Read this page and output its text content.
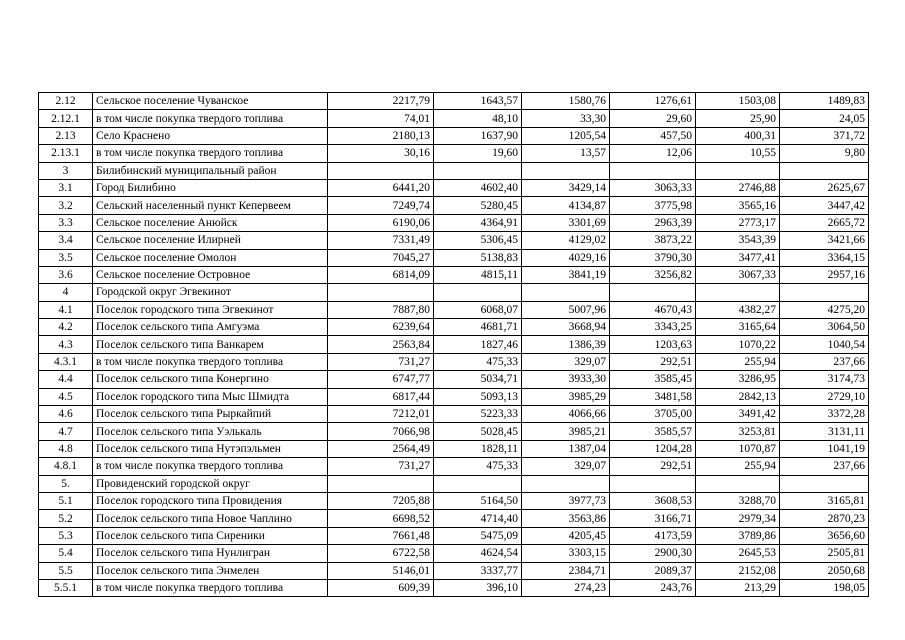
2.12	Сельское поселение Чуванское	2217,79	1643,57	1580,76	1276,61	1503,08	1489,83
2.12.1	в том числе покупка твердого топлива	74,01	48,10	33,30	29,60	25,90	24,05
2.13	Село Краснено	2180,13	1637,90	1205,54	457,50	400,31	371,72
2.13.1	в том числе покупка твердого топлива	30,16	19,60	13,57	12,06	10,55	9,80
3	Билибинский муниципальный район						
3.1	Город Билибино	6441,20	4602,40	3429,14	3063,33	2746,88	2625,67
3.2	Сельский населенный пункт Кепервеем	7249,74	5280,45	4134,87	3775,98	3565,16	3447,42
3.3	Сельское поселение Анюйск	6190,06	4364,91	3301,69	2963,39	2773,17	2665,72
3.4	Сельское поселение Илирней	7331,49	5306,45	4129,02	3873,22	3543,39	3421,66
3.5	Сельское поселение Омолон	7045,27	5138,83	4029,16	3790,30	3477,41	3364,15
3.6	Сельское поселение Островное	6814,09	4815,11	3841,19	3256,82	3067,33	2957,16
4	Городской округ Эгвекинот						
4.1	Поселок городского типа Эгвекинот	7887,80	6068,07	5007,96	4670,43	4382,27	4275,20
4.2	Поселок сельского типа Амгуэма	6239,64	4681,71	3668,94	3343,25	3165,64	3064,50
4.3	Поселок сельского типа Ванкарем	2563,84	1827,46	1386,39	1203,63	1070,22	1040,54
4.3.1	в том числе покупка твердого топлива	731,27	475,33	329,07	292,51	255,94	237,66
4.4	Поселок сельского типа Конергино	6747,77	5034,71	3933,30	3585,45	3286,95	3174,73
4.5	Поселок городского типа Мыс Шмидта	6817,44	5093,13	3985,29	3481,58	2842,13	2729,10
4.6	Поселок сельского типа Рыркайпий	7212,01	5223,33	4066,66	3705,00	3491,42	3372,28
4.7	Поселок сельского типа Уэлькаль	7066,98	5028,45	3985,21	3585,57	3253,81	3131,11
4.8	Поселок сельского типа Нутэпэльмен	2564,49	1828,11	1387,04	1204,28	1070,87	1041,19
4.8.1	в том числе покупка твердого топлива	731,27	475,33	329,07	292,51	255,94	237,66
5.	Провиденский городской округ						
5.1	Поселок городского типа Провидения	7205,88	5164,50	3977,73	3608,53	3288,70	3165,81
5.2	Поселок сельского типа Новое Чаплино	6698,52	4714,40	3563,86	3166,71	2979,34	2870,23
5.3	Поселок сельского типа Сиреники	7661,48	5475,09	4205,45	4173,59	3789,86	3656,60
5.4	Поселок сельского типа Нунлигран	6722,58	4624,54	3303,15	2900,30	2645,53	2505,81
5.5	Поселок сельского типа Энмелен	5146,01	3337,77	2384,71	2089,37	2152,08	2050,68
5.5.1	в том числе покупка твердого топлива	609,39	396,10	274,23	243,76	213,29	198,05
